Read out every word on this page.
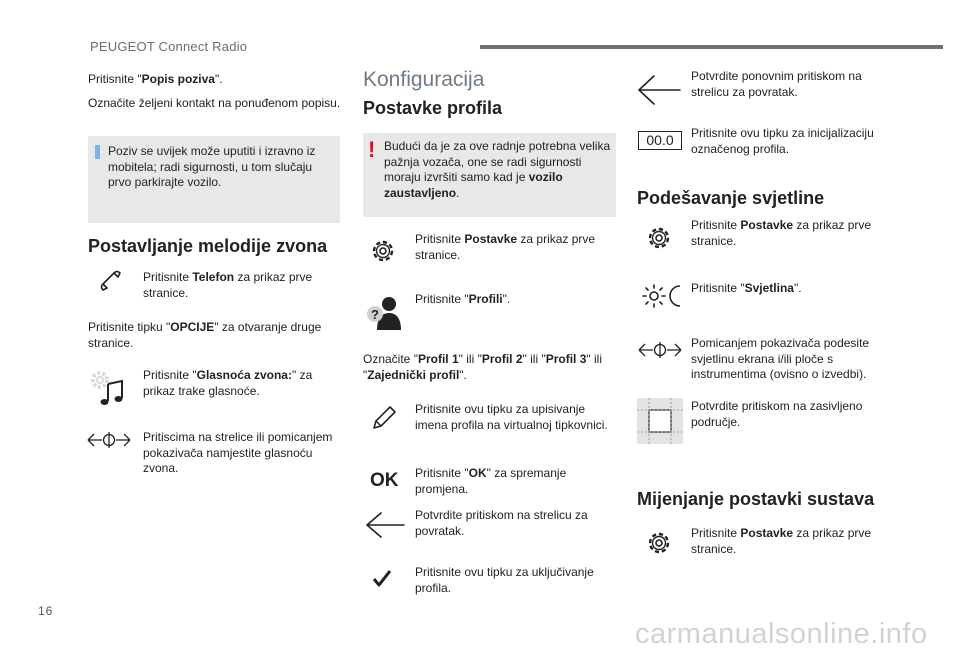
PEUGEOT Connect Radio
Pritisnite "Popis poziva".
Označite željeni kontakt na ponuđenom popisu.
Poziv se uvijek može uputiti i izravno iz mobitela; radi sigurnosti, u tom slučaju prvo parkirajte vozilo.
Postavljanje melodije zvona
Pritisnite Telefon za prikaz prve stranice.
Pritisnite tipku "OPCIJE" za otvaranje druge stranice.
Pritisnite "Glasnoća zvona:" za prikaz trake glasnoće.
Pritiscima na strelice ili pomicanjem pokazivača namjestite glasnoću zvona.
Konfiguracija
Postavke profila
! Budući da je za ove radnje potrebna velika pažnja vozača, one se radi sigurnosti moraju izvršiti samo kad je vozilo zaustavljeno.
Pritisnite Postavke za prikaz prve stranice.
?
Pritisnite "Profili".
Označite "Profil 1" ili "Profil 2" ili "Profil 3" ili "Zajednički profil".
Pritisnite ovu tipku za upisivanje imena profila na virtualnoj tipkovnici.
OK Pritisnite "OK" za spremanje promjena.
Potvrdite pritiskom na strelicu za povratak.
Pritisnite ovu tipku za uključivanje profila.
Potvrdite ponovnim pritiskom na strelicu za povratak.
00.0	Pritisnite ovu tipku za inicijalizaciju označenog profila.
Podešavanje svjetline
Pritisnite Postavke za prikaz prve stranice.
Pritisnite "Svjetlina".
Pomicanjem pokazivača podesite svjetlinu ekrana i/ili ploče s instrumentima (ovisno o izvedbi).
Potvrdite pritiskom na zasivljeno područje.
Mijenjanje postavki sustava
Pritisnite Postavke za prikaz prve stranice.
16
carmanualsonline.info
